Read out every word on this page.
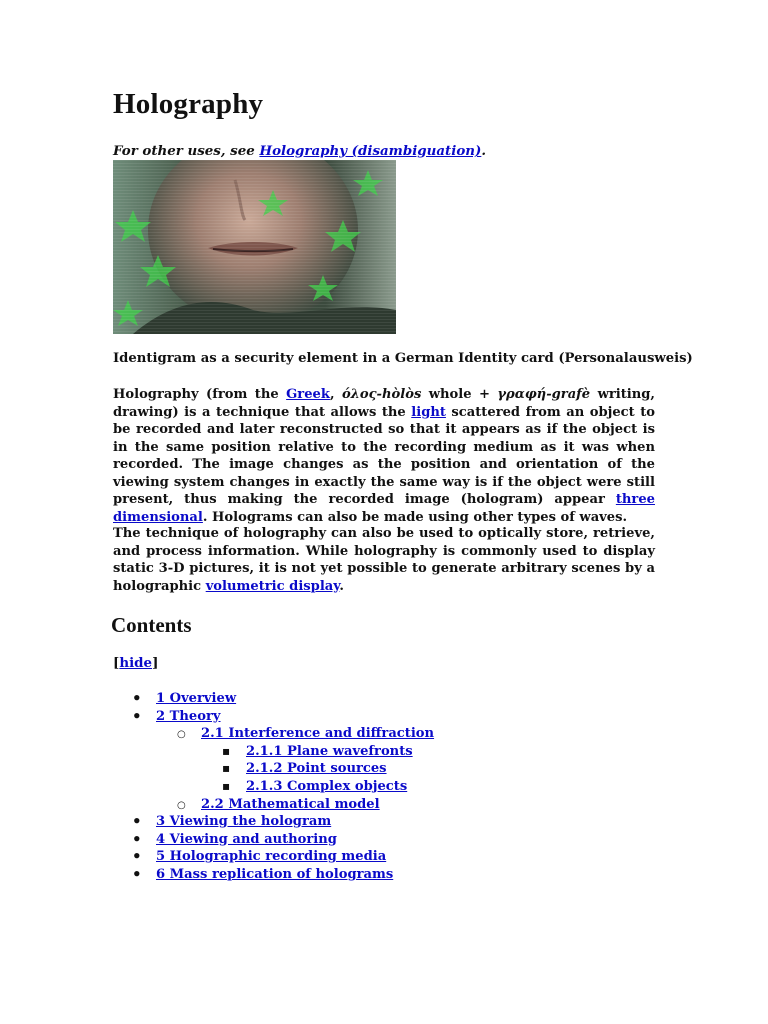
Holography

For other uses, see Holography (disambiguation).

Identigram as a security element in a German Identity card (Personalausweis)

Holography (from the Greek, όλος-hòlòs whole + γραφή-grafè writing, drawing) is a technique that allows the light scattered from an object to be recorded and later reconstructed so that it appears as if the object is in the same position relative to the recording medium as it was when recorded. The image changes as the position and orientation of the viewing system changes in exactly the same way is if the object were still present, thus making the recorded image (hologram) appear three dimensional. Holograms can also be made using other types of waves.

The technique of holography can also be used to optically store, retrieve, and process information. While holography is commonly used to display static 3-D pictures, it is not yet possible to generate arbitrary scenes by a holographic volumetric display.

Contents

[hide]

•
1 Overview
•
2 Theory
○
2.1 Interference and diffraction
▪
2.1.1 Plane wavefronts
▪
2.1.2 Point sources
▪
2.1.3 Complex objects
○
2.2 Mathematical model
•
3 Viewing the hologram
•
4 Viewing and authoring
•
5 Holographic recording media
•
6 Mass replication of holograms
